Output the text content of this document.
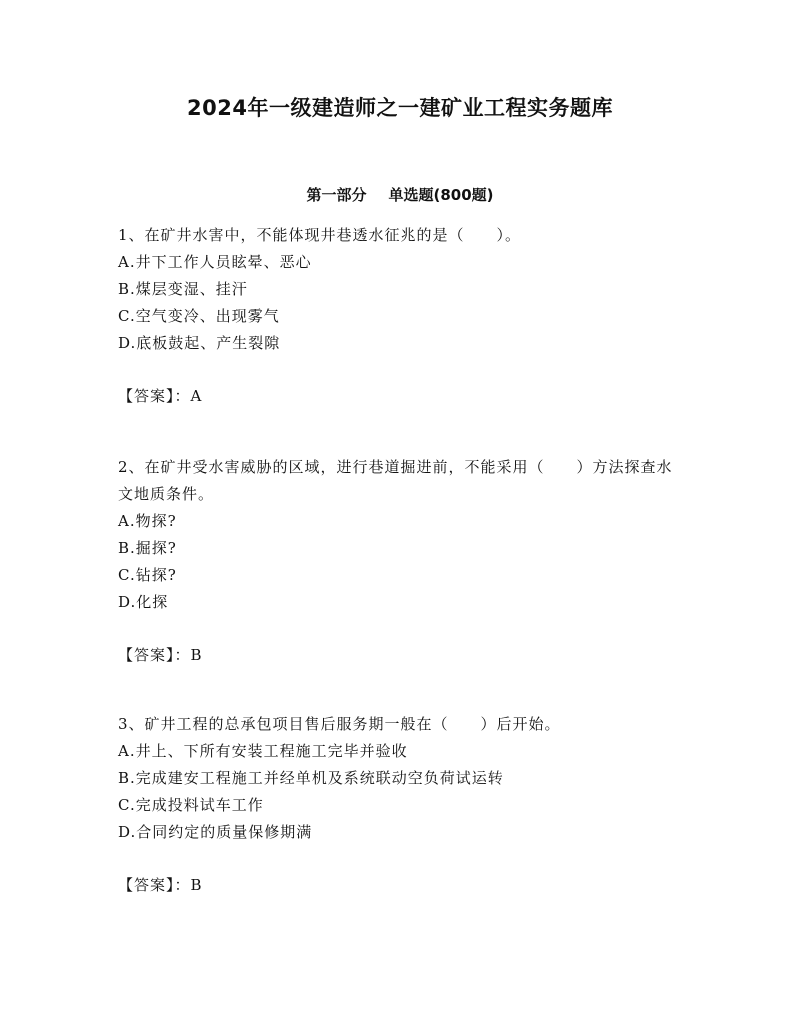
2024年一级建造师之一建矿业工程实务题库
第一部分 单选题(800题)

1、在矿井水害中，不能体现井巷透水征兆的是（　　）。

A.井下工作人员眩晕、恶心

B.煤层变湿、挂汗

C.空气变冷、出现雾气

D.底板鼓起、产生裂隙

【答案】：A

2、在矿井受水害威胁的区域，进行巷道掘进前，不能采用（　　）方法探查水文地质条件。

A.物探?

B.掘探?

C.钻探?

D.化探

【答案】：B

3、矿井工程的总承包项目售后服务期一般在（　　）后开始。

A.井上、下所有安装工程施工完毕并验收

B.完成建安工程施工并经单机及系统联动空负荷试运转

C.完成投料试车工作

D.合同约定的质量保修期满

【答案】：B
